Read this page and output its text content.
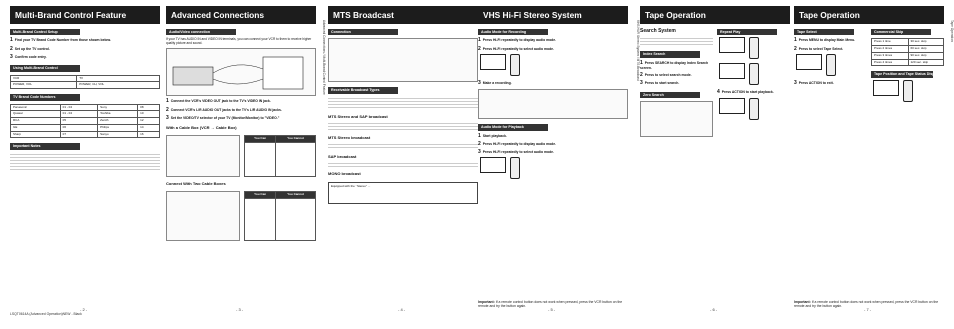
Multi-Brand Control Feature
Multi-Brand Control Setup
1 Find your TV Brand Code Number from those shown below.
2 Set up the TV control.
3 Confirm code entry.
Using Multi-Brand Control
VCR	TV
POWER, VOL	POWER, CH, VOL
TV Brand Code Numbers
Panasonic	01 - 04	Sony	08
Quasar	01 - 04	Toshiba	10
RCA	05	Zenith	12
GE	06	Philips	14
Sharp	07	Sanyo	16
Important Notes
- 2 -
Advanced Connections
Audio/Video connection
If your TV has AUDIO IN and VIDEO IN terminals, you can connect your VCR to them to receive higher quality picture and sound.
1 Connect the VCR's VIDEO OUT jack to the TV's VIDEO IN jack.
2 Connect VCR's L/R AUDIO OUT jacks to the TV's L/R AUDIO IN jacks.
3 Set the VIDEO/TV selector of your TV (Monitor/Monitor) to "VIDEO."
With a Cable Box (VCR → Cable Box)
You Can	You Cannot

Connect With Two Cable Boxes
You Can	You Cannot

- 3 -
Advanced Connections / Multi-Brand Control Feature
MTS Broadcast
Connection
Receivable Broadcast Types
MTS Stereo and SAP broadcast
MTS Stereo broadcast
SAP broadcast
MONO broadcast
Equipped with the ‘‘Stereo’’ ...
- 4 -
VHS Hi-Fi Stereo System
Audio Mode for Recording
1 Press Hi-Fi repeatedly to display audio mode.
2 Press Hi-Fi repeatedly to select audio mode.
3 Make a recording.
Audio Mode for Playback
1 Start playback.
2 Press Hi-Fi repeatedly to display audio mode.
3 Press Hi-Fi repeatedly to select audio mode.
- 5 -
VHS Hi-Fi Stereo System / MTS Broadcast
Tape Operation
Search System
Index Search
1 Press SEARCH to display Index Search screen.
2 Press to select search mode.
3 Press to start search.
Zero Search
Repeat Play
4 Press ACTION to start playback.
- 6 -
Tape Operation
Tape Select
1 Press MENU to display Main Menu.
2 Press to select Tape Select.
3 Press ACTION to exit.
Commercial Skip
Press 1 time	30 sec. skip
Press 2 times	60 sec. skip
Press 3 times	90 sec. skip
Press 4 times	120 sec. skip
Tape Position and Tape Status Display
- 7 -
Tape Operation
LSQT0614A (Advanced Operation)NEW - Black
Important: If a remote control button does not work when pressed, press the VCR button on the remote and try the button again.
Important: If a remote control button does not work when pressed, press the VCR button on the remote and try the button again.
